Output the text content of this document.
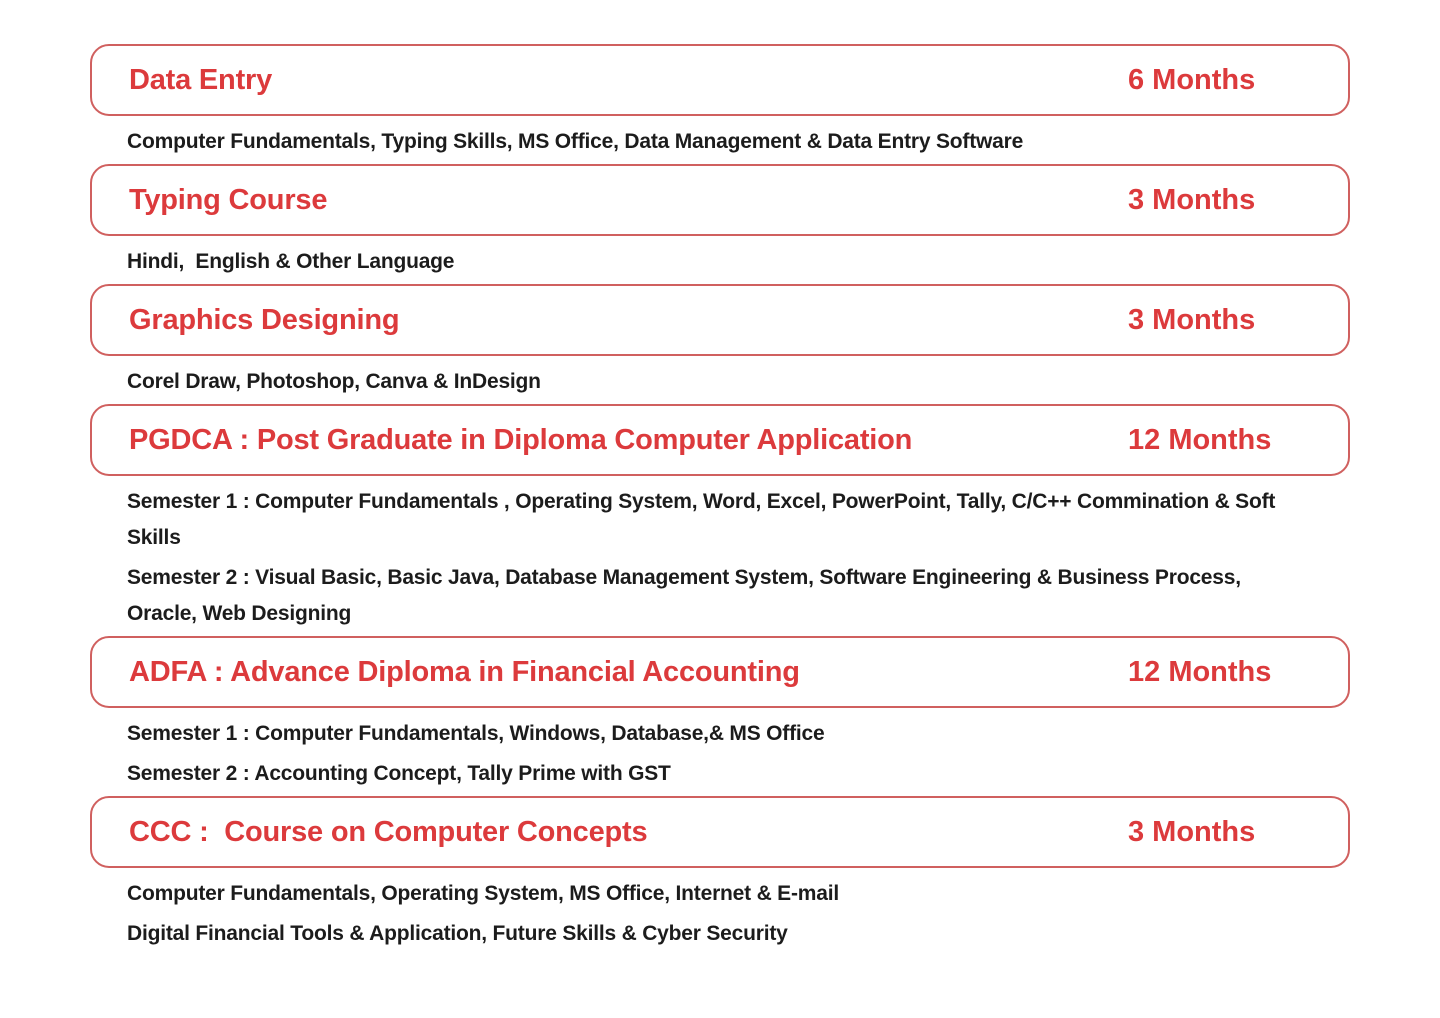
Data Entry	6 Months

Computer Fundamentals, Typing Skills, MS Office, Data Management & Data Entry Software

Typing Course	3 Months

Hindi,  English & Other Language

Graphics Designing	3 Months

Corel Draw, Photoshop, Canva & InDesign

PGDCA : Post Graduate in Diploma Computer Application	12 Months

Semester 1 : Computer Fundamentals , Operating System, Word, Excel, PowerPoint, Tally, C/C++ Commination & Soft Skills

Semester 2 : Visual Basic, Basic Java, Database Management System, Software Engineering & Business Process, Oracle, Web Designing

ADFA : Advance Diploma in Financial Accounting	12 Months

Semester 1 : Computer Fundamentals, Windows, Database,& MS Office

Semester 2 : Accounting Concept, Tally Prime with GST

CCC :  Course on Computer Concepts	3 Months

Computer Fundamentals, Operating System, MS Office, Internet & E-mail

Digital Financial Tools & Application, Future Skills & Cyber Security
